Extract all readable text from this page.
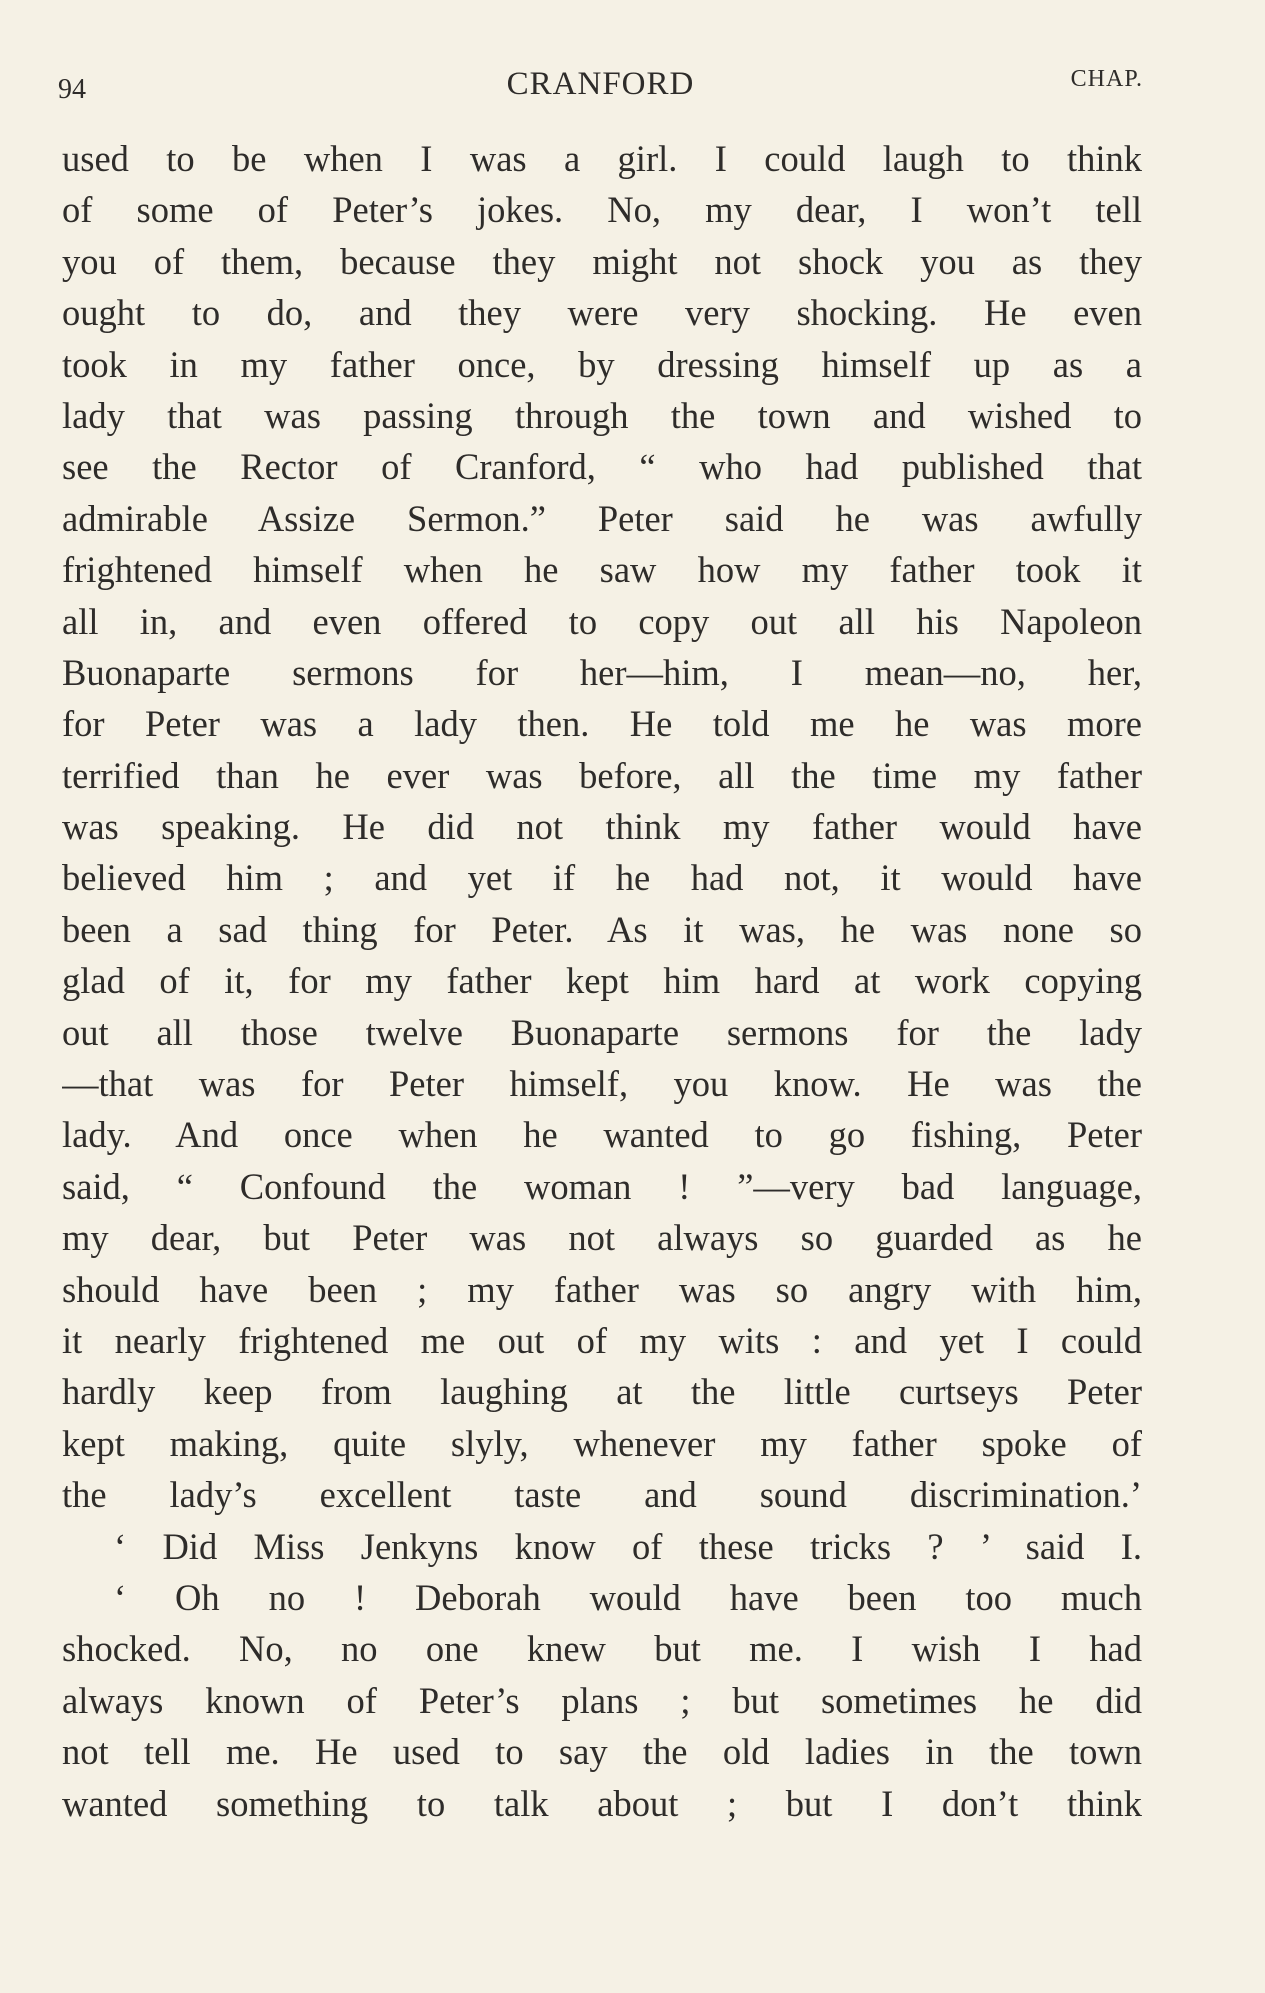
94	CRANFORD	CHAP.
used to be when I was a girl. I could laugh to think
of some of Peter’s jokes. No, my dear, I won’t tell
you of them, because they might not shock you as they
ought to do, and they were very shocking. He even
took in my father once, by dressing himself up as a
lady that was passing through the town and wished to
see the Rector of Cranford, “ who had published that
admirable Assize Sermon.” Peter said he was awfully
frightened himself when he saw how my father took it
all in, and even offered to copy out all his Napoleon
Buonaparte sermons for her—him, I mean—no, her,
for Peter was a lady then. He told me he was more
terrified than he ever was before, all the time my father
was speaking. He did not think my father would have
believed him ; and yet if he had not, it would have
been a sad thing for Peter. As it was, he was none so
glad of it, for my father kept him hard at work copying
out all those twelve Buonaparte sermons for the lady
—that was for Peter himself, you know. He was the
lady. And once when he wanted to go fishing, Peter
said, “ Confound the woman ! ”—very bad language,
my dear, but Peter was not always so guarded as he
should have been ; my father was so angry with him,
it nearly frightened me out of my wits : and yet I could
hardly keep from laughing at the little curtseys Peter
kept making, quite slyly, whenever my father spoke of
the lady’s excellent taste and sound discrimination.’
‘ Did Miss Jenkyns know of these tricks ? ’ said I.
‘ Oh no ! Deborah would have been too much
shocked. No, no one knew but me. I wish I had
always known of Peter’s plans ; but sometimes he did
not tell me. He used to say the old ladies in the town
wanted something to talk about ; but I don’t think
